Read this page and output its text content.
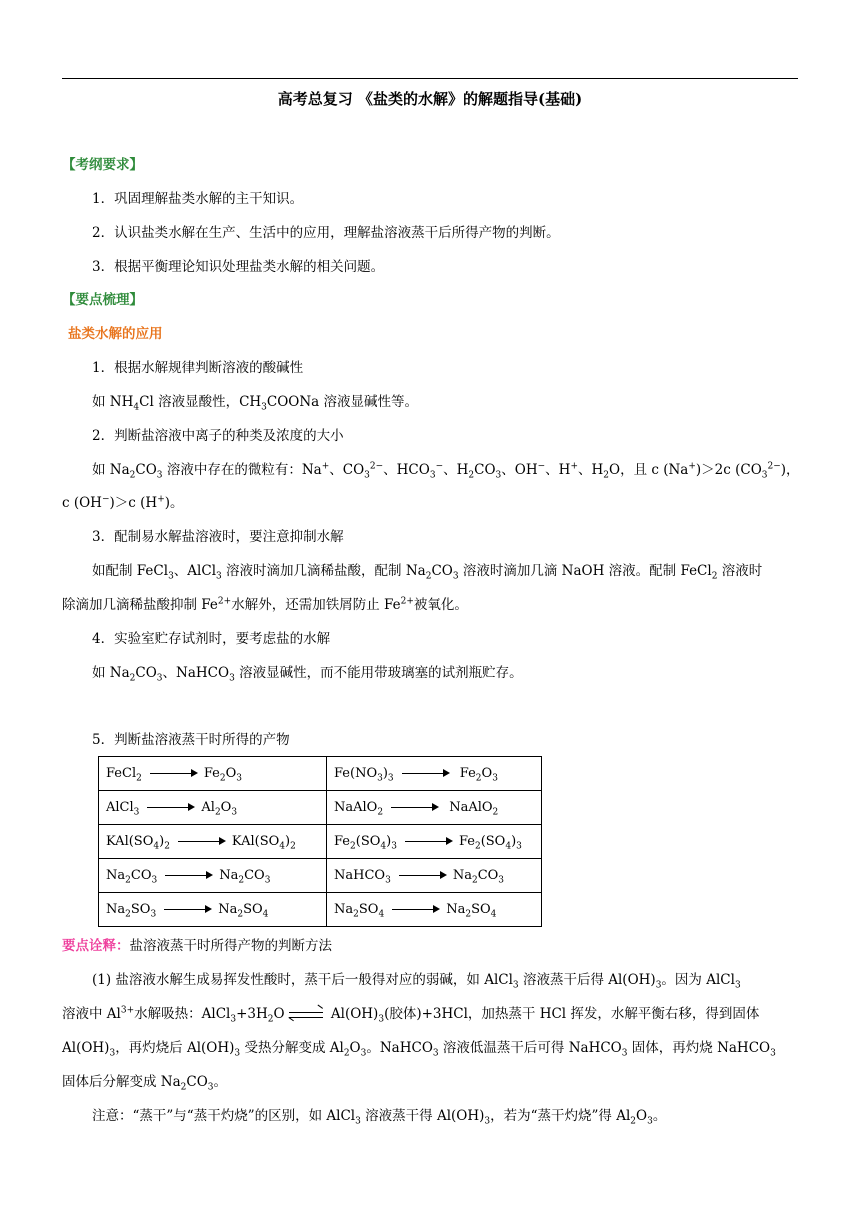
高考总复习 《盐类的水解》的解题指导(基础)
【考纲要求】
1．巩固理解盐类水解的主干知识。
2．认识盐类水解在生产、生活中的应用，理解盐溶液蒸干后所得产物的判断。
3．根据平衡理论知识处理盐类水解的相关问题。
【要点梳理】
盐类水解的应用
1．根据水解规律判断溶液的酸碱性
如 $NH_4Cl$ 溶液显酸性，$CH_3COONa$ 溶液显碱性等。
2．判断盐溶液中离子的种类及浓度的大小
如 $Na_2CO_3$ 溶液中存在的微粒有：Na+、$CO_3^{2-}$、$HCO_3^-$、$H_2CO_3$、OH−、H+、$H_2O$，且 c (Na+)＞2c $(CO_3^{2-})$，
c (OH−)＞c (H+)。
3．配制易水解盐溶液时，要注意抑制水解
如配制 FeCl$_3$、AlCl$_3$ 溶液时滴加几滴稀盐酸，配制 $Na_2CO_3$ 溶液时滴加几滴 NaOH 溶液。配制 FeCl$_2$ 溶液时
除滴加几滴稀盐酸抑制 $Fe^{2+}$水解外，还需加铁屑防止 $Fe^{2+}$被氧化。
4．实验室贮存试剂时，要考虑盐的水解
如 $Na_2CO_3$、NaHCO$_3$ 溶液显碱性，而不能用带玻璃塞的试剂瓶贮存。
5．判断盐溶液蒸干时所得的产物
FeCl$_2$ $Fe_2O_3$	$Fe(NO_3)_3$ $Fe_2O_3$
AlCl$_3$ $Al_2O_3$	NaAlO$_2$ NaAlO$_2$
$KAl(SO_4)_2$ $KAl(SO_4)_2$	$Fe_2(SO_4)_3$ $Fe_2(SO_4)_3$
$Na_2CO_3$ $Na_2CO_3$	NaHCO$_3$ $Na_2CO_3$
$Na_2SO_3$ $Na_2SO_4$	$Na_2SO_4$ $Na_2SO_4$
要点诠释：盐溶液蒸干时所得产物的判断方法
(1) 盐溶液水解生成易挥发性酸时，蒸干后一般得对应的弱碱，如 AlCl$_3$ 溶液蒸干后得 $Al(OH)_3$。因为 AlCl$_3$
溶液中 $Al^{3+}$水解吸热：$AlCl_3+3H_2O$	$Al(OH)_3$(胶体)+3HCl，加热蒸干 HCl 挥发，水解平衡右移，得到固体
$Al(OH)_3$，再灼烧后 $Al(OH)_3$ 受热分解变成 $Al_2O_3$。NaHCO$_3$ 溶液低温蒸干后可得 NaHCO$_3$ 固体，再灼烧 NaHCO$_3$
固体后分解变成 $Na_2CO_3$。
注意：“蒸干”与“蒸干灼烧”的区别，如 AlCl$_3$ 溶液蒸干得 $Al(OH)_3$，若为“蒸干灼烧”得 $Al_2O_3$。
